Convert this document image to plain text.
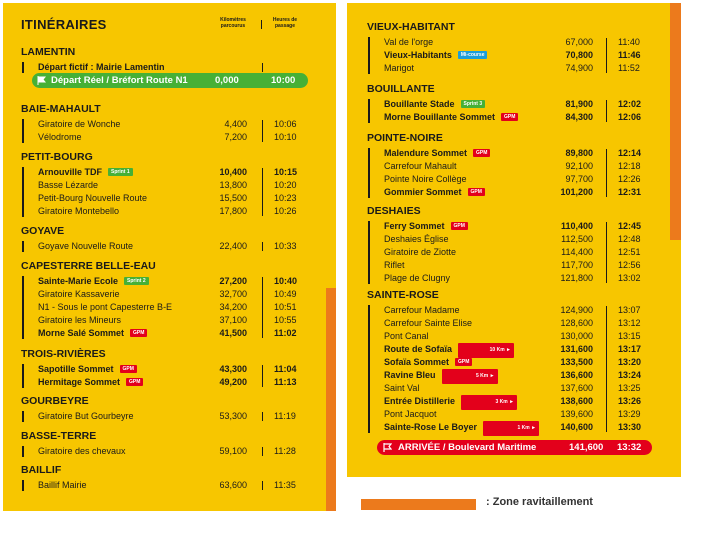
ITINÉRAIRES	Kilomètres parcourus
Heures de passage
LAMENTIN
Départ fictif : Mairie Lamentin
Départ Réel / Bréfort Route N1	0,000	10:00
BAIE-MAHAULT
Giratoire de Wonche	4,400	10:06
Vélodrome	7,200	10:10
PETIT-BOURG
Arnouville TDF Sprint 1	10,400	10:15
Basse Lézarde	13,800	10:20
Petit-Bourg Nouvelle Route	15,500	10:23
Giratoire Montebello	17,800	10:26
GOYAVE
Goyave Nouvelle Route	22,400	10:33
CAPESTERRE BELLE-EAU
Sainte-Marie Ecole Sprint 2	27,200	10:40
Giratoire Kassaverie	32,700	10:49
N1 - Sous le pont Capesterre B-E	34,200	10:51
Giratoire les Mineurs	37,100	10:55
Morne Salé Sommet GPM	41,500	11:02
TROIS-RIVIÈRES
Sapotille Sommet GPM	43,300	11:04
Hermitage Sommet GPM	49,200	11:13
GOURBEYRE
Giratoire But Gourbeyre	53,300	11:19
BASSE-TERRE
Giratoire des chevaux	59,100	11:28
BAILLIF
Baillif Mairie	63,600	11:35
VIEUX-HABITANT
Val de l'orge	67,000	11:40
Vieux-Habitants Mi-course	70,800	11:46
Marigot	74,900	11:52
BOUILLANTE
Bouillante Stade Sprint 3	81,900	12:02
Morne Bouillante Sommet GPM	84,300	12:06
POINTE-NOIRE
Malendure Sommet GPM	89,800	12:14
Carrefour Mahault	92,100	12:18
Pointe Noire Collège	97,700	12:26
Gommier Sommet GPM	101,200	12:31
DESHAIES
Ferry Sommet GPM	110,400	12:45
Deshaies Église	112,500	12:48
Giratoire de Ziotte	114,400	12:51
Riflet	117,700	12:56
Plage de Clugny	121,800	13:02
SAINTE-ROSE
Carrefour Madame	124,900	13:07
Carrefour Sainte Elise	128,600	13:12
Pont Canal	130,000	13:15
Route de Sofaïa	10 Km ►	131,600	13:17
Sofaïa Sommet GPM	133,500	13:20
Ravine Bleu	5 Km ►	136,600	13:24
Saint Val	137,600	13:25
Entrée Distillerie	3 Km ►	138,600	13:26
Pont Jacquot	139,600	13:29
Sainte-Rose Le Boyer	1 Km ►	140,600	13:30
ARRIVÉE / Boulevard Maritime	141,600 13:32
: Zone ravitaillement
